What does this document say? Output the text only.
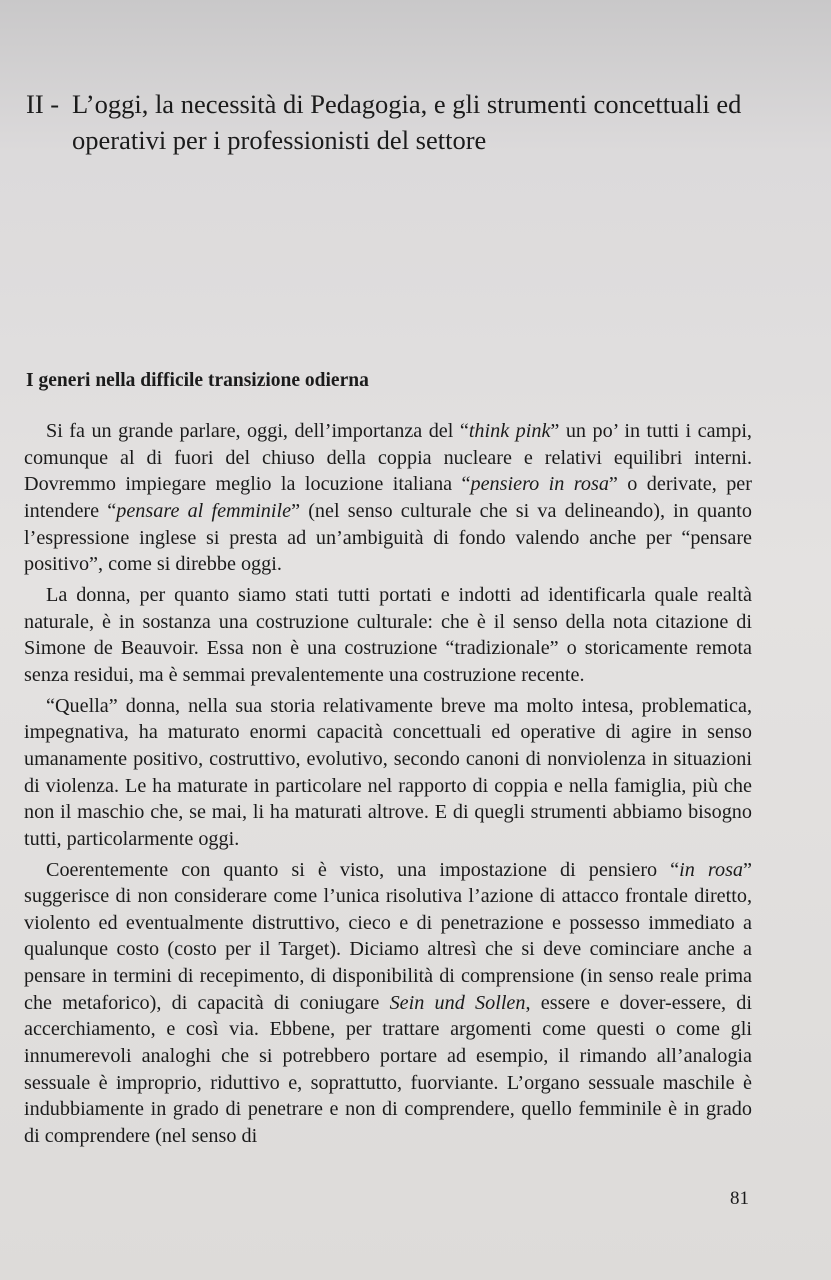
II - L’oggi, la necessità di Pedagogia, e gli strumenti concettuali ed operativi per i professionisti del settore
I generi nella difficile transizione odierna

Si fa un grande parlare, oggi, dell’importanza del “think pink” un po’ in tutti i campi, comunque al di fuori del chiuso della coppia nucleare e relativi equilibri interni. Dovremmo impiegare meglio la locuzione italiana “pensiero in rosa” o derivate, per intendere “pensare al femminile” (nel senso culturale che si va delineando), in quanto l’espressione inglese si presta ad un’ambiguità di fondo valendo anche per “pensare positivo”, come si direbbe oggi.

La donna, per quanto siamo stati tutti portati e indotti ad identificarla quale realtà naturale, è in sostanza una costruzione culturale: che è il senso della nota citazione di Simone de Beauvoir. Essa non è una costruzione “tradizionale” o storicamente remota senza residui, ma è semmai prevalentemente una costruzione recente.

“Quella” donna, nella sua storia relativamente breve ma molto intesa, problematica, impegnativa, ha maturato enormi capacità concettuali ed operative di agire in senso umanamente positivo, costruttivo, evolutivo, secondo canoni di nonviolenza in situazioni di violenza. Le ha maturate in particolare nel rapporto di coppia e nella famiglia, più che non il maschio che, se mai, li ha maturati altrove. E di quegli strumenti abbiamo bisogno tutti, particolarmente oggi.

Coerentemente con quanto si è visto, una impostazione di pensiero “in rosa” suggerisce di non considerare come l’unica risolutiva l’azione di attacco frontale diretto, violento ed eventualmente distruttivo, cieco e di penetrazione e possesso immediato a qualunque costo (costo per il Target). Diciamo altresì che si deve cominciare anche a pensare in termini di recepimento, di disponibilità di comprensione (in senso reale prima che metaforico), di capacità di coniugare Sein und Sollen, essere e dover-essere, di accerchiamento, e così via. Ebbene, per trattare argomenti come questi o come gli innumerevoli analoghi che si potrebbero portare ad esempio, il rimando all’analogia sessuale è improprio, riduttivo e, soprattutto, fuorviante. L’organo sessuale maschile è indubbiamente in grado di penetrare e non di comprendere, quello femminile è in grado di comprendere (nel senso di

81
